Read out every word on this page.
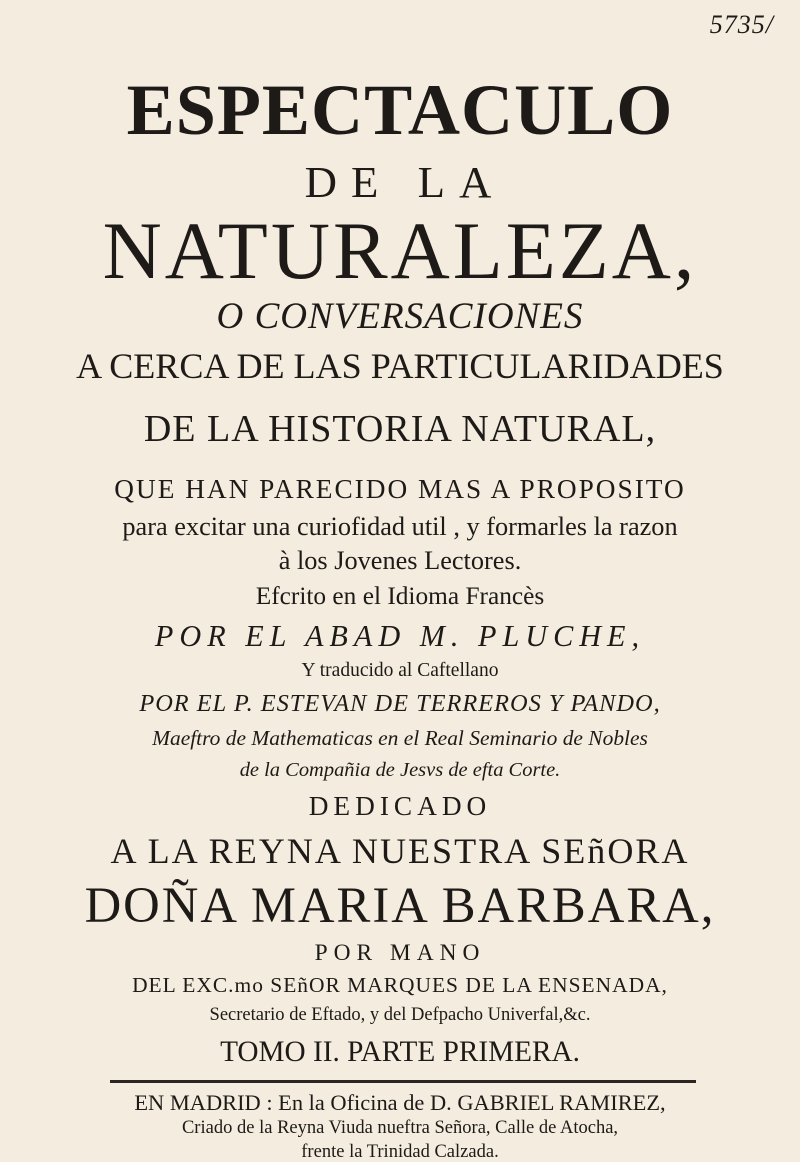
5735/
ESPECTACULO
DE LA
NATURALEZA,
O CONVERSACIONES
A CERCA DE LAS PARTICULARIDADES
DE LA HISTORIA NATURAL,
QUE HAN PARECIDO MAS A PROPOSITO
para excitar una curiofidad util , y formarles la razon
à los Jovenes Lectores.
Efcrito en el Idioma Francès
POR EL ABAD M. PLUCHE,
Y traducido al Caftellano
POR EL P. ESTEVAN DE TERREROS Y PANDO,
Maeftro de Mathematicas en el Real Seminario de Nobles
de la Compañia de Jesvs de efta Corte.
DEDICADO
A LA REYNA NUESTRA SEñORA
DOÑA MARIA BARBARA,
POR MANO
DEL EXC.mo SEñOR MARQUES DE LA ENSENADA,
Secretario de Eftado, y del Defpacho Univerfal,&c.
TOMO II. PARTE PRIMERA.
EN MADRID : En la Oficina de D. GABRIEL RAMIREZ,
Criado de la Reyna Viuda nueftra Señora, Calle de Atocha,
frente la Trinidad Calzada.
